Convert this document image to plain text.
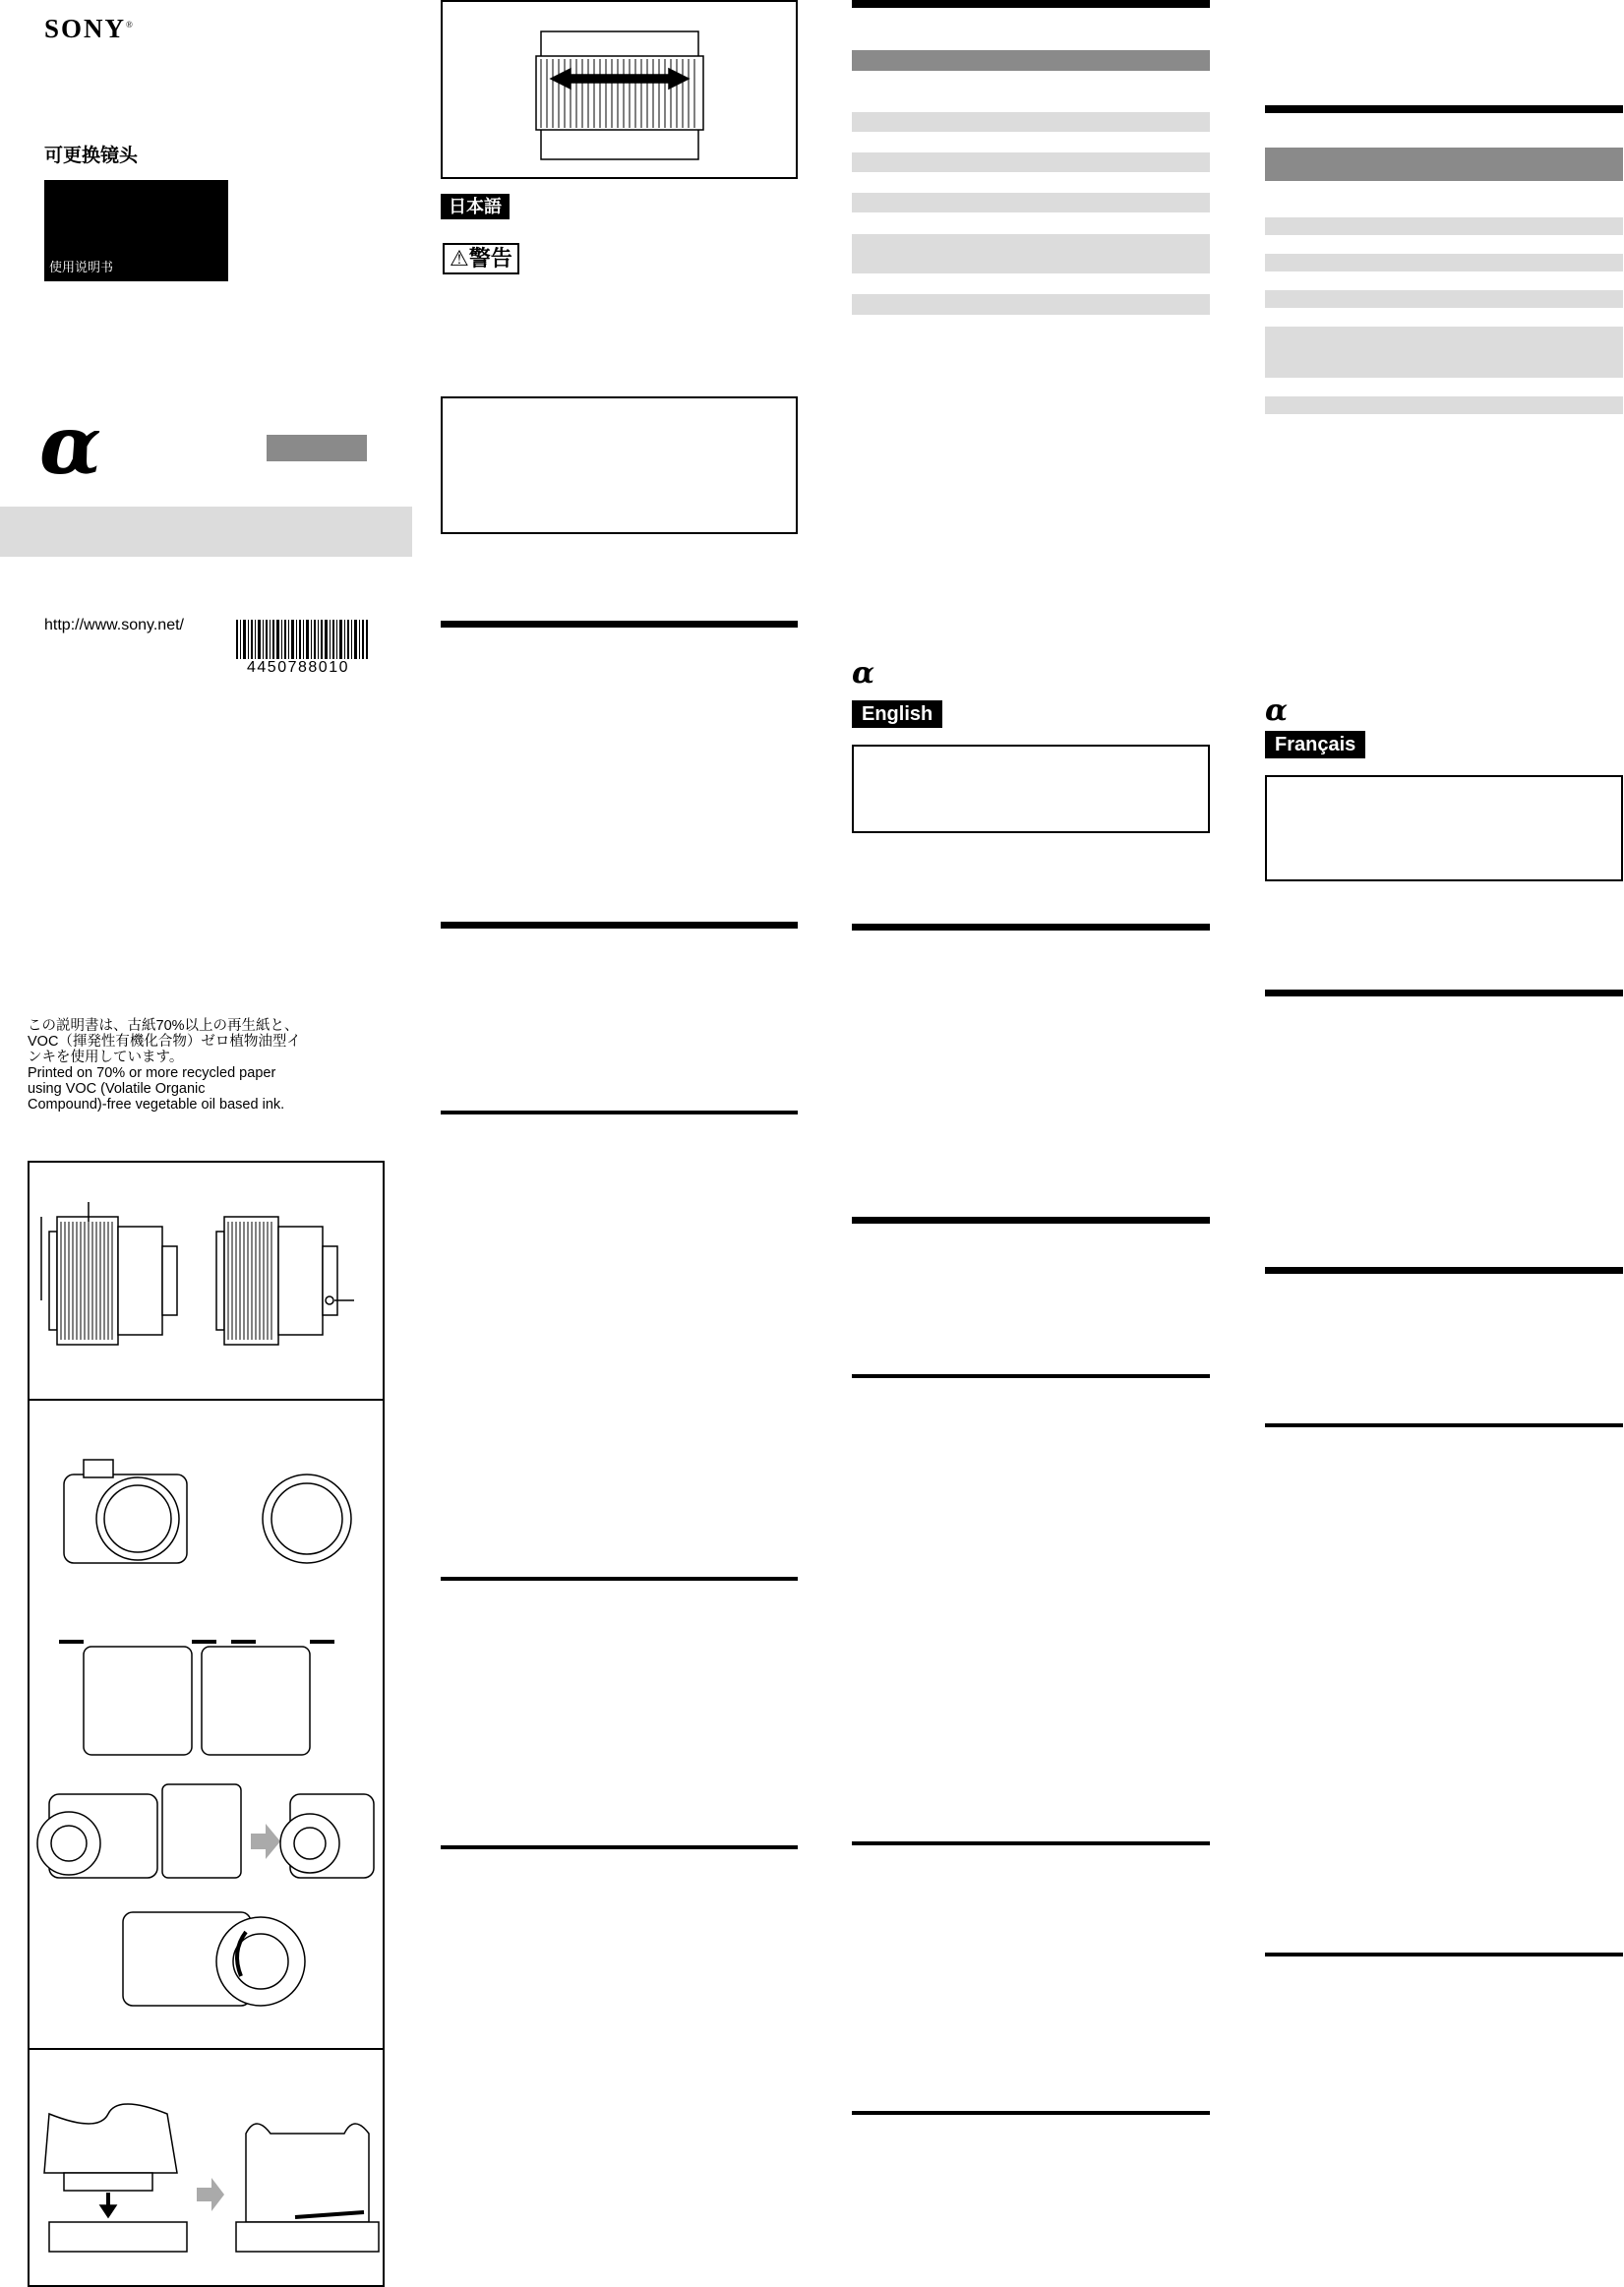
SONY®
可更换镜头
使用说明书
α
http://www.sony.net/
4450788010
この説明書は、古紙70%以上の再生紙と、
VOC（揮発性有機化合物）ゼロ植物油型イ
ンキを使用しています。
Printed on 70% or more recycled paper
using VOC (Volatile Organic
Compound)-free vegetable oil based ink.
日本語
⚠警告
α
English	α
Français
